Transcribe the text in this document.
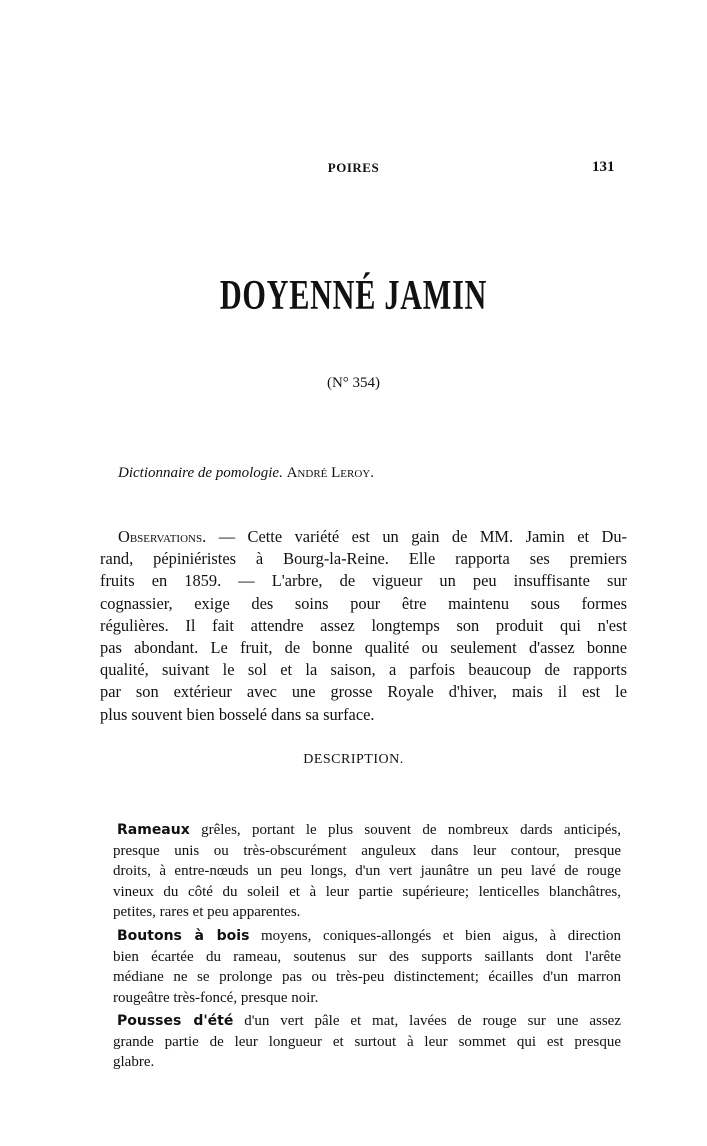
POIRES	131
DOYENNÉ JAMIN
(N° 354)
Dictionnaire de pomologie. André Leroy.
Observations. — Cette variété est un gain de MM. Jamin et Du-
rand, pépiniéristes à Bourg-la-Reine. Elle rapporta ses premiers
fruits en 1859. — L'arbre, de vigueur un peu insuffisante sur
cognassier, exige des soins pour être maintenu sous formes
régulières. Il fait attendre assez longtemps son produit qui n'est
pas abondant. Le fruit, de bonne qualité ou seulement d'assez bonne
qualité, suivant le sol et la saison, a parfois beaucoup de rapports
par son extérieur avec une grosse Royale d'hiver, mais il est le
plus souvent bien bosselé dans sa surface.
DESCRIPTION.
Rameaux grêles, portant le plus souvent de nombreux dards anticipés,
presque unis ou très-obscurément anguleux dans leur contour, presque
droits, à entre-nœuds un peu longs, d'un vert jaunâtre un peu lavé de rouge
vineux du côté du soleil et à leur partie supérieure; lenticelles blanchâtres,
petites, rares et peu apparentes.
Boutons à bois moyens, coniques-allongés et bien aigus, à direction
bien écartée du rameau, soutenus sur des supports saillants dont l'arête
médiane ne se prolonge pas ou très-peu distinctement; écailles d'un marron
rougeâtre très-foncé, presque noir.
Pousses d'été d'un vert pâle et mat, lavées de rouge sur une assez
grande partie de leur longueur et surtout à leur sommet qui est presque
glabre.
